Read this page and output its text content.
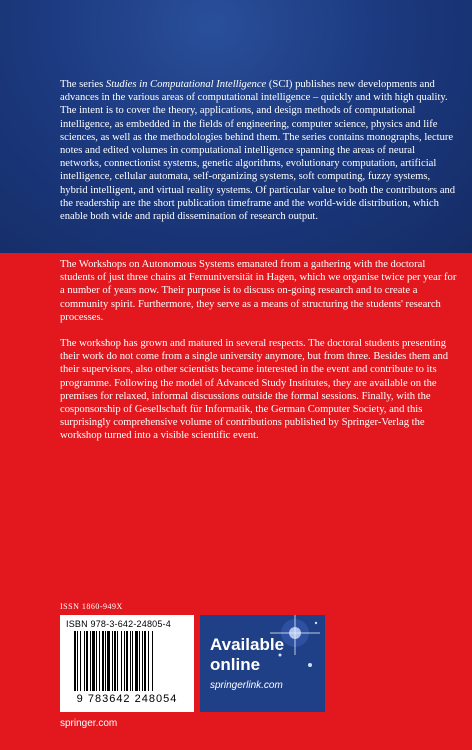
The series Studies in Computational Intelligence (SCI) publishes new developments and advances in the various areas of computational intelligence – quickly and with high quality. The intent is to cover the theory, applications, and design methods of computational intelligence, as embedded in the fields of engineering, computer science, physics and life sciences, as well as the methodologies behind them. The series contains monographs, lecture notes and edited volumes in computational intelligence spanning the areas of neural networks, connectionist systems, genetic algorithms, evolutionary computation, artificial intelligence, cellular automata, self-organizing systems, soft computing, fuzzy systems, hybrid intelligent, and virtual reality systems. Of particular value to both the contributors and the readership are the short publication timeframe and the world-wide distribution, which enable both wide and rapid dissemination of research output.

The Workshops on Autonomous Systems emanated from a gathering with the doctoral students of just three chairs at Fernuniversität in Hagen, which we organise twice per year for a number of years now. Their purpose is to discuss on-going research and to create a community spirit. Furthermore, they serve as a means of structuring the students' research processes.

The workshop has grown and matured in several respects. The doctoral students presenting their work do not come from a single university anymore, but from three. Besides them and their supervisors, also other scientists became interested in the event and contribute to its programme. Following the model of Advanced Study Institutes, they are available on the premises for relaxed, informal discussions outside the formal sessions. Finally, with the cosponsorship of Gesellschaft für Informatik, the German Computer Society, and this surprisingly comprehensive volume of contributions published by Springer-Verlag the workshop turned into a visible scientific event.

ISSN 1860-949X
ISBN 978-3-642-24805-4
9 783642 248054
Available
online
springerlink.com
springer.com
